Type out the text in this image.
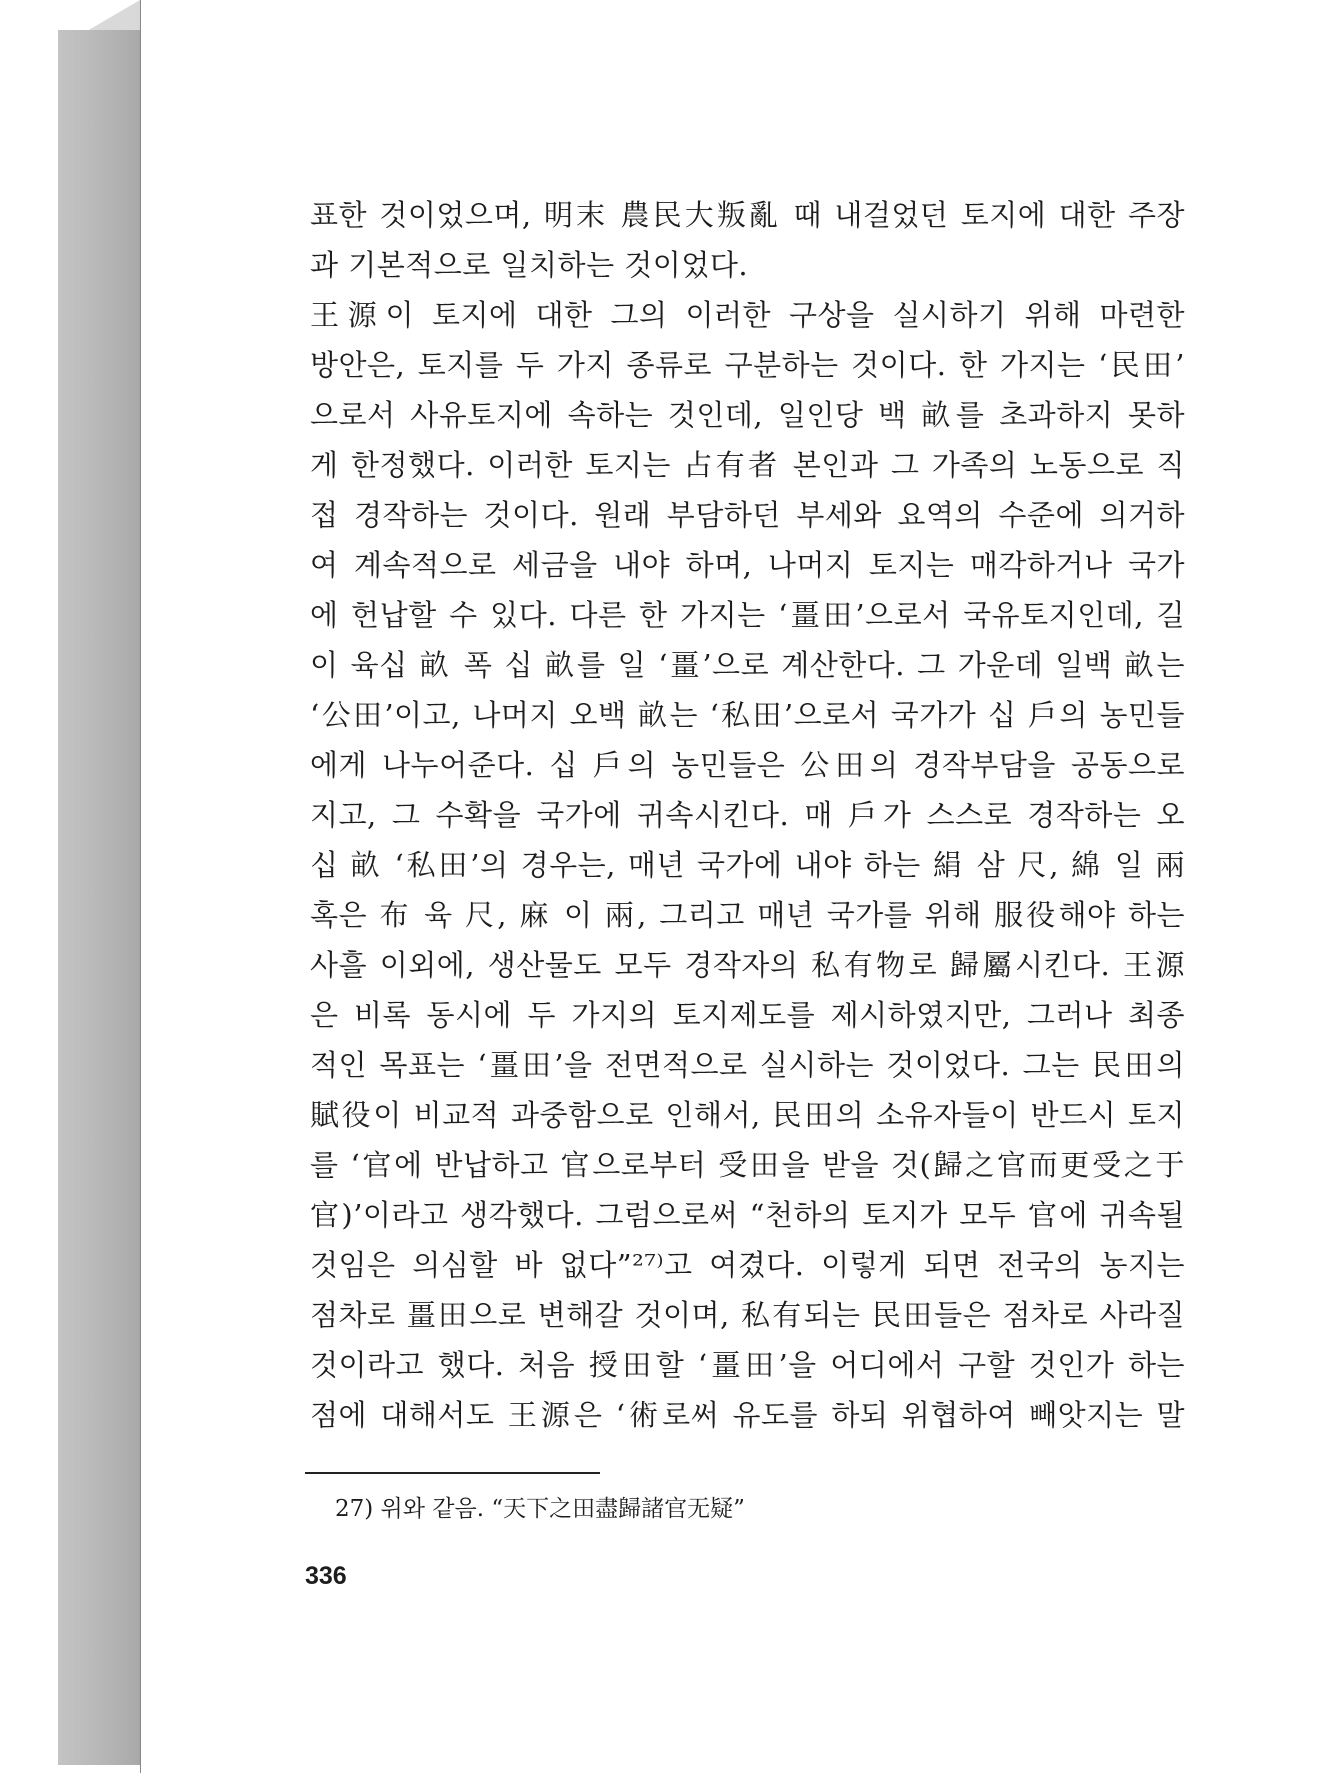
표한 것이었으며, 明末 農民大叛亂 때 내걸었던 토지에 대한 주장
과 기본적으로 일치하는 것이었다.
王源이 토지에 대한 그의 이러한 구상을 실시하기 위해 마련한
방안은, 토지를 두 가지 종류로 구분하는 것이다. 한 가지는 ‘民田’
으로서 사유토지에 속하는 것인데, 일인당 백 畝를 초과하지 못하
게 한정했다. 이러한 토지는 占有者 본인과 그 가족의 노동으로 직
접 경작하는 것이다. 원래 부담하던 부세와 요역의 수준에 의거하
여 계속적으로 세금을 내야 하며, 나머지 토지는 매각하거나 국가
에 헌납할 수 있다. 다른 한 가지는 ‘畺田’으로서 국유토지인데, 길
이 육십 畝 폭 십 畝를 일 ‘畺’으로 계산한다. 그 가운데 일백 畝는
‘公田’이고, 나머지 오백 畝는 ‘私田’으로서 국가가 십 戶의 농민들
에게 나누어준다. 십 戶의 농민들은 公田의 경작부담을 공동으로
지고, 그 수확을 국가에 귀속시킨다. 매 戶가 스스로 경작하는 오
십 畝 ‘私田’의 경우는, 매년 국가에 내야 하는 絹 삼 尺, 綿 일 兩
혹은 布 육 尺, 麻 이 兩, 그리고 매년 국가를 위해 服役해야 하는
사흘 이외에, 생산물도 모두 경작자의 私有物로 歸屬시킨다. 王源
은 비록 동시에 두 가지의 토지제도를 제시하였지만, 그러나 최종
적인 목표는 ‘畺田’을 전면적으로 실시하는 것이었다. 그는 民田의
賦役이 비교적 과중함으로 인해서, 民田의 소유자들이 반드시 토지
를 ‘官에 반납하고 官으로부터 受田을 받을 것(歸之官而更受之于
官)’이라고 생각했다. 그럼으로써 “천하의 토지가 모두 官에 귀속될
것임은 의심할 바 없다”²⁷⁾고 여겼다. 이렇게 되면 전국의 농지는
점차로 畺田으로 변해갈 것이며, 私有되는 民田들은 점차로 사라질
것이라고 했다. 처음 授田할 ‘畺田’을 어디에서 구할 것인가 하는
점에 대해서도 王源은 ‘術로써 유도를 하되 위협하여 빼앗지는 말
27) 위와 같음. “天下之田盡歸諸官无疑”
336
